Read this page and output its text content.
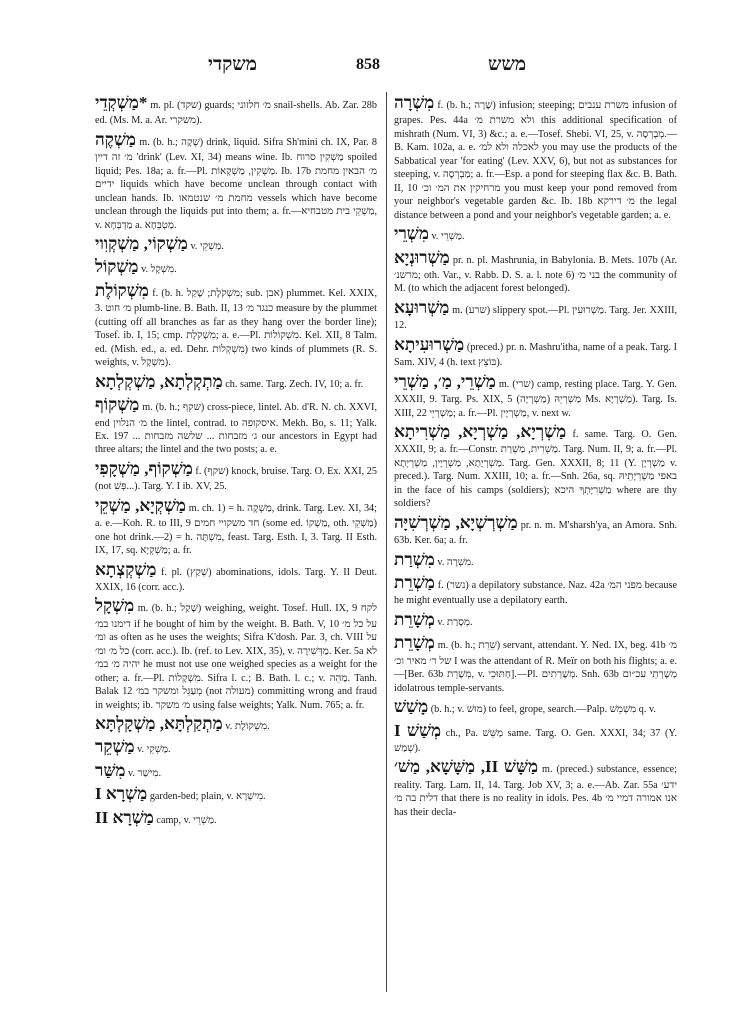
משקדי	858	משש
*מַשְׁקְדֵי m. pl. (שקד) guards; מ׳ חלזוני snail-shells. Ab. Zar. 28b ed. (Ms. M. a. Ar. משקרי).
מַשְׁקֶה m. (b. h.; שָׁקָה) drink, liquid. Sifra Sh'mini ch. IX, Par. 8 מ׳ זה דיין 'drink' (Lev. XI, 34) means wine. Ib. מַשְׁקִין סרוח spoiled liquid; Pes. 18a; a. fr.—Pl. מַשְׁקִין, מַשְׁקָאוֹת. Ib. 17b מ׳ הבאין מחמת ידיים liquids which have become unclean through contact with unclean hands. Ib. מחמת מ׳ שנטמאו vessels which have become unclean through the liquids put into them; a. fr.—מַשְׁקֵי בית מטבחיא, v. מַדְבְּחָא a. מַטְבְּחָא.
מַשְׁקוֹי, מַשְׁקְוִוי v. מַשְׁקֵי.
מַשְׁקוֹל v. מִשְׁקָל.
מִשְׁקוֹלֶת f. (b. h. מִשְׁקֹלֶת; שָׁקַל; sub. אבן) plummet. Kel. XXIX, 3. מ׳ חוט plumb-line. B. Bath. II, 13 כנגד מ׳ measure by the plummet (cutting off all branches as far as they hang over the border line); Tosef. ib. I, 15; cmp. מִשְׁקֹלֶת; a. e.—Pl. מִשְׁקוֹלוֹת. Kel. XII, 8 Talm. ed. (Mish. ed., a. ed. Dehr. מִשְׁקְלוֹת) two kinds of plummets (R. S. weights, v. מִשְׁקָל).
מַתְקְלְתָא, מַשְׁקְלְתָא ch. same. Targ. Zech. IV, 10; a. fr.
מַשְׁקוֹף m. (b. h.; שקף) cross-piece, lintel. Ab. d'R. N. ch. XXVI, end מ׳ הנלוין the lintel, contrad. to איסקופה. Mekh. Bo, s. 11; Yalk. Ex. 197 ... ג׳ מזבחות ... שלשה מזבחות our ancestors in Egypt had three altars; the lintel and the two posts; a. e.
מַשְׁקוֹף, מַשְׁקָפִי f. (שקף) knock, bruise. Targ. O. Ex. XXI, 25 (not פְּשִׁ...). Targ. Y. I ib. XV, 25.
מַשְׁקְיָא, מַשְׁקֵי m. ch. 1) = h. מַשְׁקֶה, drink. Targ. Lev. XI, 34; a. e.—Koh. R. to III, 9 חד משקויי חמים (some ed. מַשְׁקוֹ, oth. מַשְׁקֵי) one hot drink.—2) = h. מִשְׁתֶּה, feast. Targ. Esth. I, 3. Targ. II Esth. IX, 17, sq. מַשְׁקְיָא; a. fr.
מַשְׁקְצְתָא f. pl. (שְׁקַץ) abominations, idols. Targ. Y. II Deut. XXIX, 16 (corr. acc.).
מִשְׁקָל m. (b. h.; שָׁקַל) weighing, weight. Tosef. Hull. IX, 9 לקח דימנו במ׳ if he bought of him by the weight. B. Bath. V, 10 על כל מ׳ ומ׳ as often as he uses the weights; Sifra K'dosh. Par. 3, ch. VIII על כל מ׳ ומ׳ (corr. acc.). Ib. (ref. to Lev. XIX, 35), v. מַדְּשִׁירָה. Ker. 5a לא יהיה מ׳ במ׳ he must not use one weighed species as a weight for the other; a. fr.—Pl. מִשְׁקָלוֹת. Sifra l. c.; B. Bath. l. c.; v. מַהֵה. Tanh. Balak 12 מְעַגֵּל ומשקר במ׳ (not מעולה) committing wrong and fraud in weights; ib. מ׳ משקר using false weights; Yalk. Num. 765; a. fr.
מַתְקַלְתָּא, מַשְׁקָלְתָּא v. מִשְׁקוֹלֶת.
מַשְׁקֵר v. מַשְׁקֵי.
מִשַּׁר v. מִישַׁר.
מַשְׁרָא I garden-bed; plain, v. מִישְׁרָא.
מַשְׁרָא II camp, v. מַשְׁרֵי.
מִשְׁרָה f. (b. h.; שָׁרָה) infusion; steeping; משרת ענבים infusion of grapes. Pes. 44a ולא משרת מ׳ this additional specification of mishrath (Num. VI, 3) &c.; a. e.—Tosef. Shebi. VI, 25, v. מְבָרְסָה.—B. Kam. 102a, a. e. לאכלה ולא למ׳ you may use the products of the Sabbatical year 'for eating' (Lev. XXV, 6), but not as substances for steeping, v. מַבְרְסָה; a. fr.—Esp. a pond for steeping flax &c. B. Bath. II, 10 מרחיקין את המ׳ וכ׳ you must keep your pond removed from your neighbor's vegetable garden &c. Ib. 18b מ׳ דירקא the legal distance between a pond and your neighbor's vegetable garden; a. e.
מִשְׁרֵי v. מַשְׁרֵי.
מַשְׁרוּנְיָא pr. n. pl. Mashrunia, in Babylonia. B. Mets. 107b (Ar. מרשנ׳; oth. Var., v. Rabb. D. S. a. l. note 6) בני מ׳ the community of M. (to which the adjacent forest belonged).
מַשְׁרוּעָא m. (שרע) slippery spot.—Pl. מַשְׁרוּעִין. Targ. Jer. XXIII, 12.
מַשְׁרוּעִיתָא (preced.) pr. n. Mashru'itha, name of a peak. Targ. I Sam. XIV, 4 (h. text בּוֹצֵץ).
מַשְׁרֵי, מַ׳, מַשְׁרֵי m. (שרי) camp, resting place. Targ. Y. Gen. XXXII, 9. Targ. Ps. XIX, 5 מַשְׁרְיֵהּ (מַשְׁרְיָה) Ms. מַשְׁרְיָא). Targ. Is. XIII, 22 מַשְׁרְיֵי; a. fr.—Pl. מַשְׁרְיָין, v. next w.
מַשְׁרְיָא, מַשְׁרְיָא, מַשְׁרִיתָא f. same. Targ. O. Gen. XXXII, 9; a. fr.—Constr. מַשְׁרִית, מַשְׁרַת. Targ. Num. II, 9; a. fr.—Pl. מַשְׁרְיָתָא, מַשְׁרְיָין, מַשְׁרְיָתָא. Targ. Gen. XXXII, 8; 11 (Y. מַשְׁרְיָן v. preced.). Targ. Num. XXIII, 10; a. fr.—Snh. 26a, sq. באפי מַשְׁרְיָתֵיהּ in the face of his camps (soldiers); מַשְׁרִיָּתְךָ היכא where are thy soldiers?
מַשְׁרְשְׁיָא, מַשְׁרְשִׁיָּה pr. n. m. M'sharsh'ya, an Amora. Snh. 63b. Ker. 6a; a. fr.
מִשְׁרַת v. מִשְׁרָה.
מַשְׁרֵת f. (נשר) a depilatory substance. Naz. 42a מפני המ׳ because he might eventually use a depilatory earth.
מְשָׁרֵת v. מְסָרַת.
מְשָׁרֵת m. (b. h.; שֵׁרֵת) servant, attendant. Y. Ned. IX, beg. 41b מ׳ של ר׳ מאיר וכ׳ I was the attendant of R. Meïr on both his flights; a. e.—[Ber. 63b מְשָׁרֵת, v. חַתּוּכֵי].—Pl. מְשָׁרְתִים. Snh. 63b מְשָׁרְתֵי עכ״ום idolatrous temple-servants.
מָשַׁשׁ (b. h.; v. מוּשׁ) to feel, grope, search.—Palp. מִשְׁמֵשׁ q. v.
מְשַׁשׁ I ch., Pa. מַשֵּׁשׁ same. Targ. O. Gen. XXXI, 34; 37 (Y. שְׁמַשׁ).
מַשָּׁשׁ II, מַשָּׁשָׁא, מַשׁ׳ m. (preced.) substance, essence; reality. Targ. Lam. II, 14. Targ. Job XV, 3; a. e.—Ab. Zar. 55a ידע׳ דלית בה מ׳ that there is no reality in idols. Pes. 4b אנו אמורה דמיי מ׳ has their decla-
